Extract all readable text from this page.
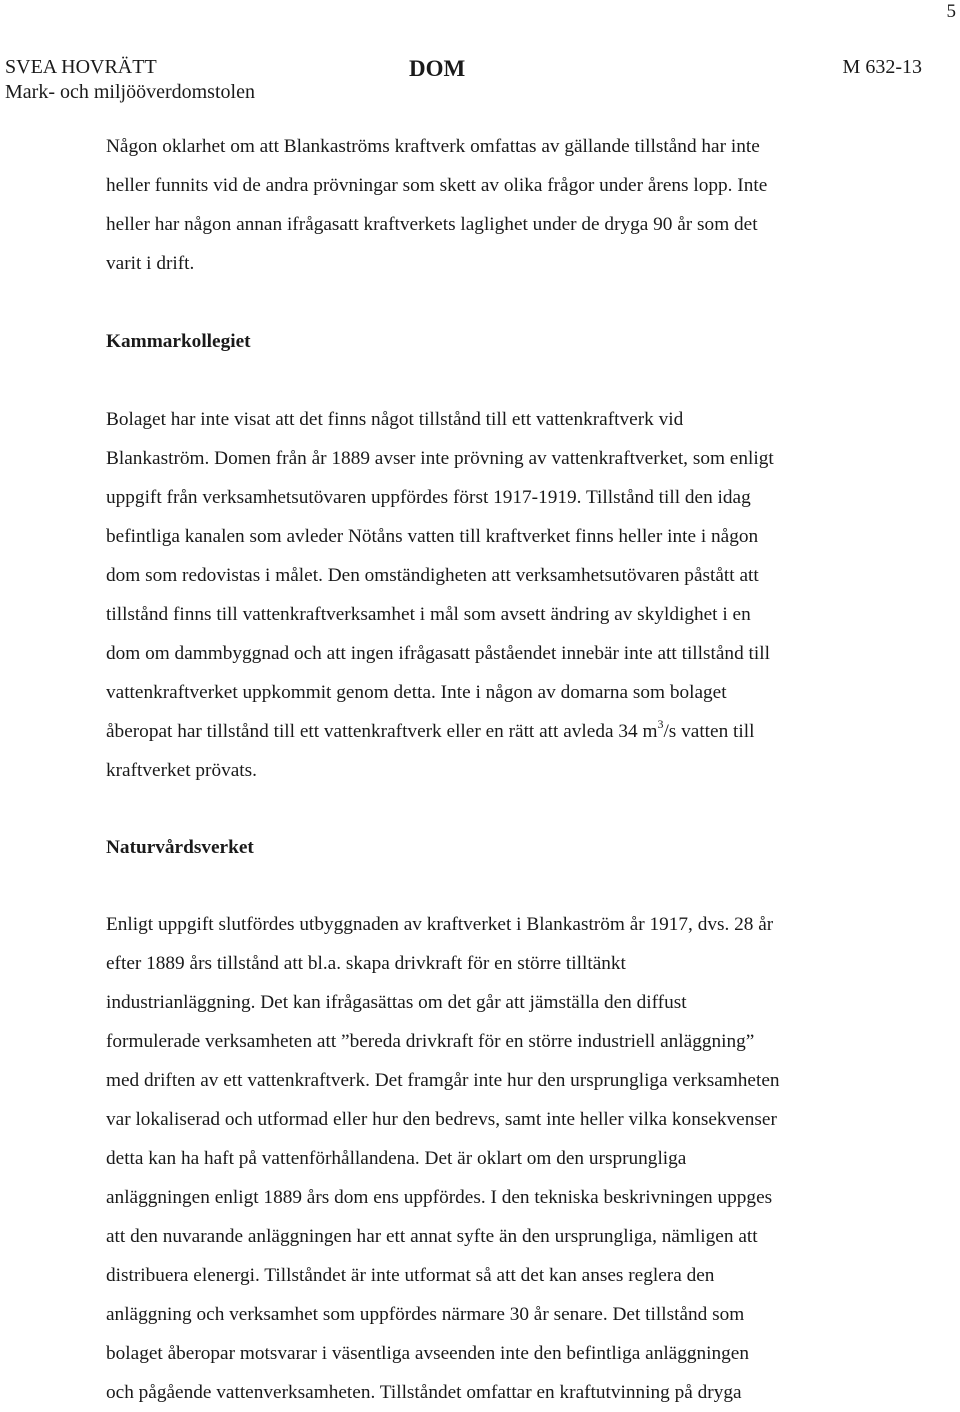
5
SVEA HOVRÄTT
Mark- och miljööverdomstolen
DOM	M 632-13

Någon oklarhet om att Blankaströms kraftverk omfattas av gällande tillstånd har inte
heller funnits vid de andra prövningar som skett av olika frågor under årens lopp. Inte
heller har någon annan ifrågasatt kraftverkets laglighet under de dryga 90 år som det
varit i drift.

Kammarkollegiet

Bolaget har inte visat att det finns något tillstånd till ett vattenkraftverk vid
Blankaström. Domen från år 1889 avser inte prövning av vattenkraftverket, som enligt
uppgift från verksamhetsutövaren uppfördes först 1917-1919. Tillstånd till den idag
befintliga kanalen som avleder Nötåns vatten till kraftverket finns heller inte i någon
dom som redovistas i målet. Den omständigheten att verksamhetsutövaren påstått att
tillstånd finns till vattenkraftverksamhet i mål som avsett ändring av skyldighet i en
dom om dammbyggnad och att ingen ifrågasatt påståendet innebär inte att tillstånd till
vattenkraftverket uppkommit genom detta. Inte i någon av domarna som bolaget
åberopat har tillstånd till ett vattenkraftverk eller en rätt att avleda 34 $m^3/s$ vatten till
kraftverket prövats.

Naturvårdsverket

Enligt uppgift slutfördes utbyggnaden av kraftverket i Blankaström år 1917, dvs. 28 år
efter 1889 års tillstånd att bl.a. skapa drivkraft för en större tilltänkt
industrianläggning. Det kan ifrågasättas om det går att jämställa den diffust
formulerade verksamheten att ”bereda drivkraft för en större industriell anläggning”
med driften av ett vattenkraftverk. Det framgår inte hur den ursprungliga verksamheten
var lokaliserad och utformad eller hur den bedrevs, samt inte heller vilka konsekvenser
detta kan ha haft på vattenförhållandena. Det är oklart om den ursprungliga
anläggningen enligt 1889 års dom ens uppfördes. I den tekniska beskrivningen uppges
att den nuvarande anläggningen har ett annat syfte än den ursprungliga, nämligen att
distribuera elenergi. Tillståndet är inte utformat så att det kan anses reglera den
anläggning och verksamhet som uppfördes närmare 30 år senare. Det tillstånd som
bolaget åberopar motsvarar i väsentliga avseenden inte den befintliga anläggningen
och pågående vattenverksamheten. Tillståndet omfattar en kraftutvinning på dryga
